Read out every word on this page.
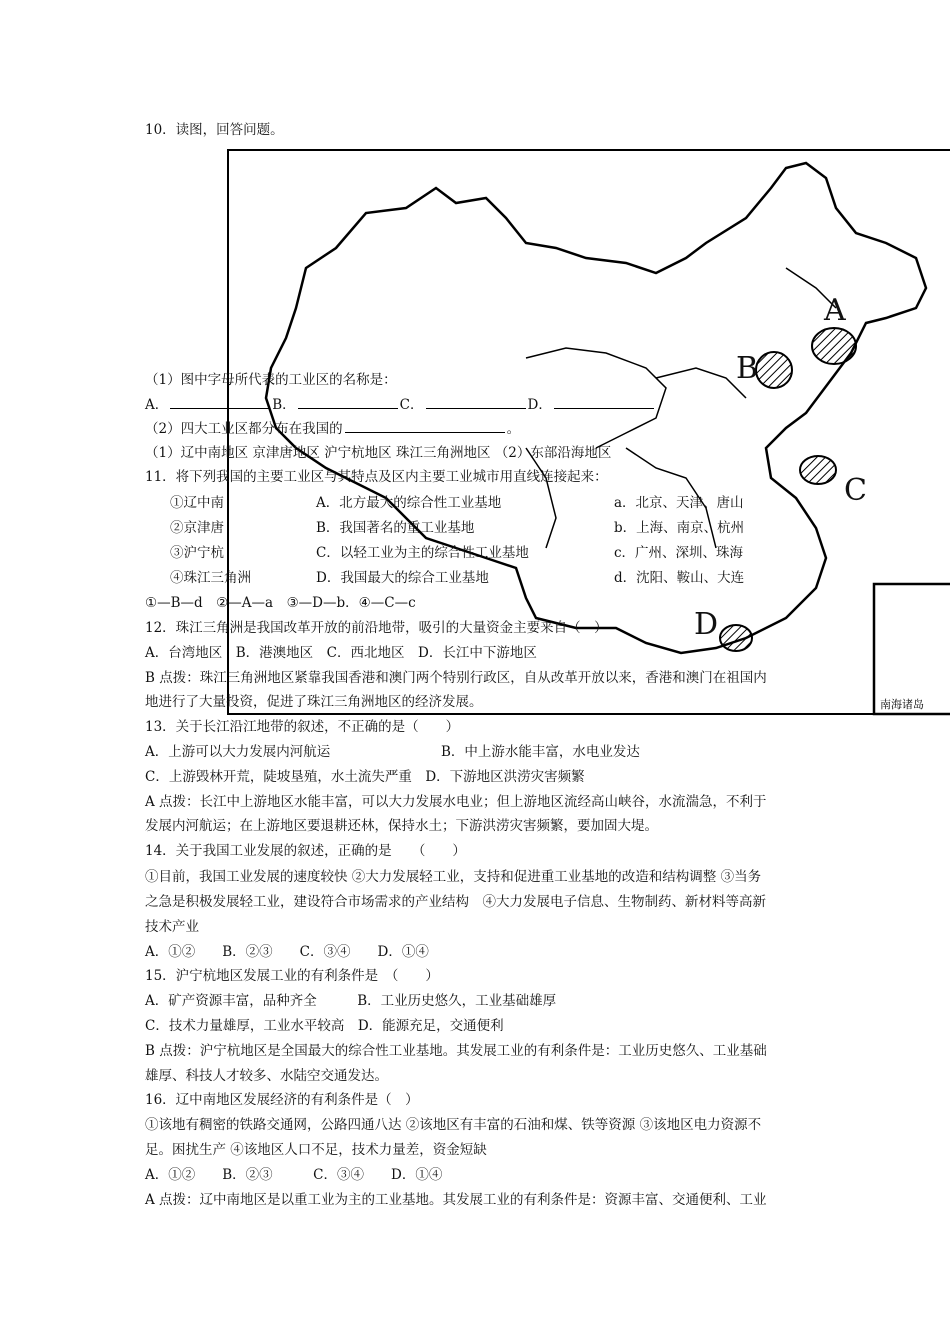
A
B
C
D
南海诸岛
10．读图，回答问题。
（1）图中字母所代表的工业区的名称是：
A．	B．	C．	D．
（2）四大工业区都分布在我国的	。
（1）辽中南地区 京津唐地区 沪宁杭地区 珠江三角洲地区 （2）东部沿海地区
11．将下列我国的主要工业区与其特点及区内主要工业城市用直线连接起来：
①辽中南	A．北方最大的综合性工业基地	a．北京、天津、唐山
②京津唐	B．我国著名的重工业基地	b．上海、南京、杭州
③沪宁杭	C．以轻工业为主的综合性工业基地	c．广州、深圳、珠海
④珠江三角洲	D．我国最大的综合工业基地	d．沈阳、鞍山、大连
①—B—d　②—A—a　③—D—b．④—C—c
12．珠江三角洲是我国改革开放的前沿地带，吸引的大量资金主要来自（　）
A．台湾地区　B．港澳地区　C．西北地区　D．长江中下游地区
B 点拨：珠江三角洲地区紧靠我国香港和澳门两个特别行政区，自从改革开放以来，香港和澳门在祖国内
地进行了大量投资，促进了珠江三角洲地区的经济发展。
13．关于长江沿江地带的叙述，不正确的是（　　）
A．上游可以大力发展内河航运	B．中上游水能丰富，水电业发达
C．上游毁林开荒，陡坡垦殖，水土流失严重　D．下游地区洪涝灾害频繁
A 点拨：长江中上游地区水能丰富，可以大力发展水电业；但上游地区流经高山峡谷，水流湍急，不利于
发展内河航运；在上游地区要退耕还林，保持水土；下游洪涝灾害频繁，要加固大堤。
14．关于我国工业发展的叙述，正确的是　　（　　）
①目前，我国工业发展的速度较快 ②大力发展轻工业，支持和促进重工业基地的改造和结构调整 ③当务
之急是积极发展轻工业，建设符合市场需求的产业结构　④大力发展电子信息、生物制药、新材料等高新
技术产业
A．①②　　B．②③　　C．③④　　D．①④
15．沪宁杭地区发展工业的有利条件是　（　　）
A．矿产资源丰富，品种齐全　　　B．工业历史悠久，工业基础雄厚
C．技术力量雄厚，工业水平较高　D．能源充足，交通便利
B 点拨：沪宁杭地区是全国最大的综合性工业基地。其发展工业的有利条件是：工业历史悠久、工业基础
雄厚、科技人才较多、水陆空交通发达。
16．辽中南地区发展经济的有利条件是（　）
①该地有稠密的铁路交通网，公路四通八达 ②该地区有丰富的石油和煤、铁等资源 ③该地区电力资源不
足。困扰生产 ④该地区人口不足，技术力量差，资金短缺
A．①②　　B．②③　　　C．③④　　D．①④
A 点拨：辽中南地区是以重工业为主的工业基地。其发展工业的有利条件是：资源丰富、交通便利、工业
